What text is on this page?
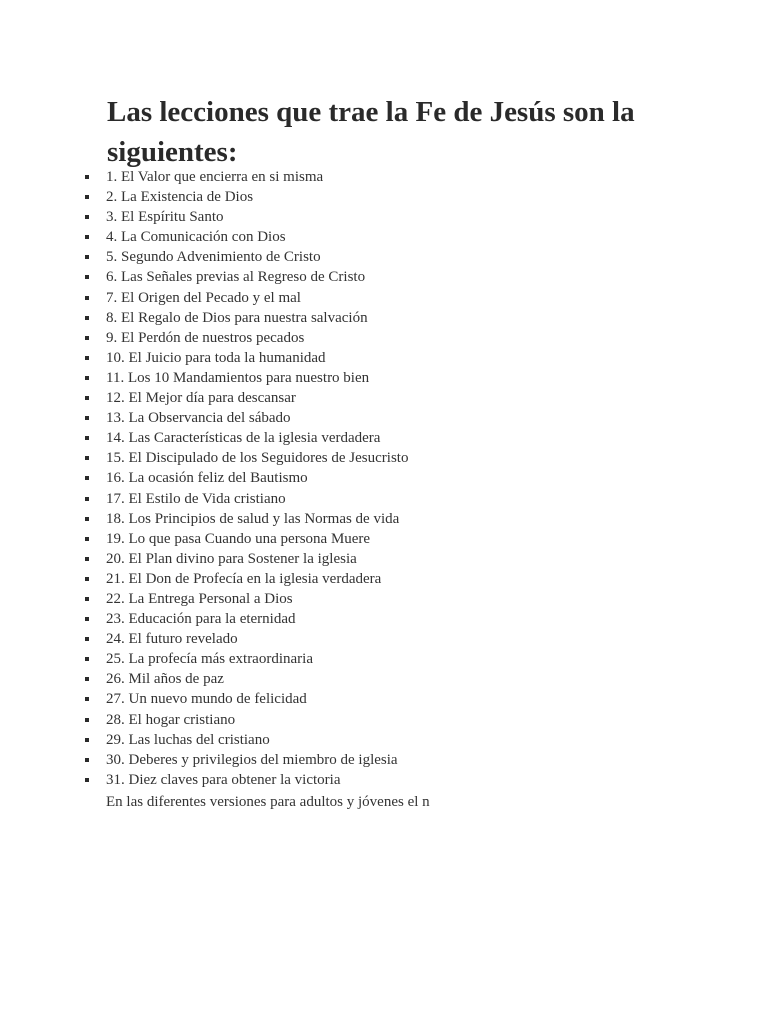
Las lecciones que trae la Fe de Jesús son la siguientes:
1. El Valor que encierra en si misma
2. La Existencia de Dios
3. El Espíritu Santo
4. La Comunicación con Dios
5. Segundo Advenimiento de Cristo
6. Las Señales previas al Regreso de Cristo
7. El Origen del Pecado y el mal
8. El Regalo de Dios para nuestra salvación
9. El Perdón de nuestros pecados
10. El Juicio para toda la humanidad
11. Los 10 Mandamientos para nuestro bien
12. El Mejor día para descansar
13. La Observancia del sábado
14. Las Características de la iglesia verdadera
15. El Discipulado de los Seguidores de Jesucristo
16. La ocasión feliz del Bautismo
17. El Estilo de Vida cristiano
18. Los Principios de salud y las Normas de vida
19. Lo que pasa Cuando una persona Muere
20. El Plan divino para Sostener la iglesia
21. El Don de Profecía en la iglesia verdadera
22. La Entrega Personal a Dios
23. Educación para la eternidad
24. El futuro revelado
25. La profecía más extraordinaria
26. Mil años de paz
27. Un nuevo mundo de felicidad
28. El hogar cristiano
29. Las luchas del cristiano
30. Deberes y privilegios del miembro de iglesia
31. Diez claves para obtener la victoria

En las diferentes versiones para adultos y jóvenes el n
